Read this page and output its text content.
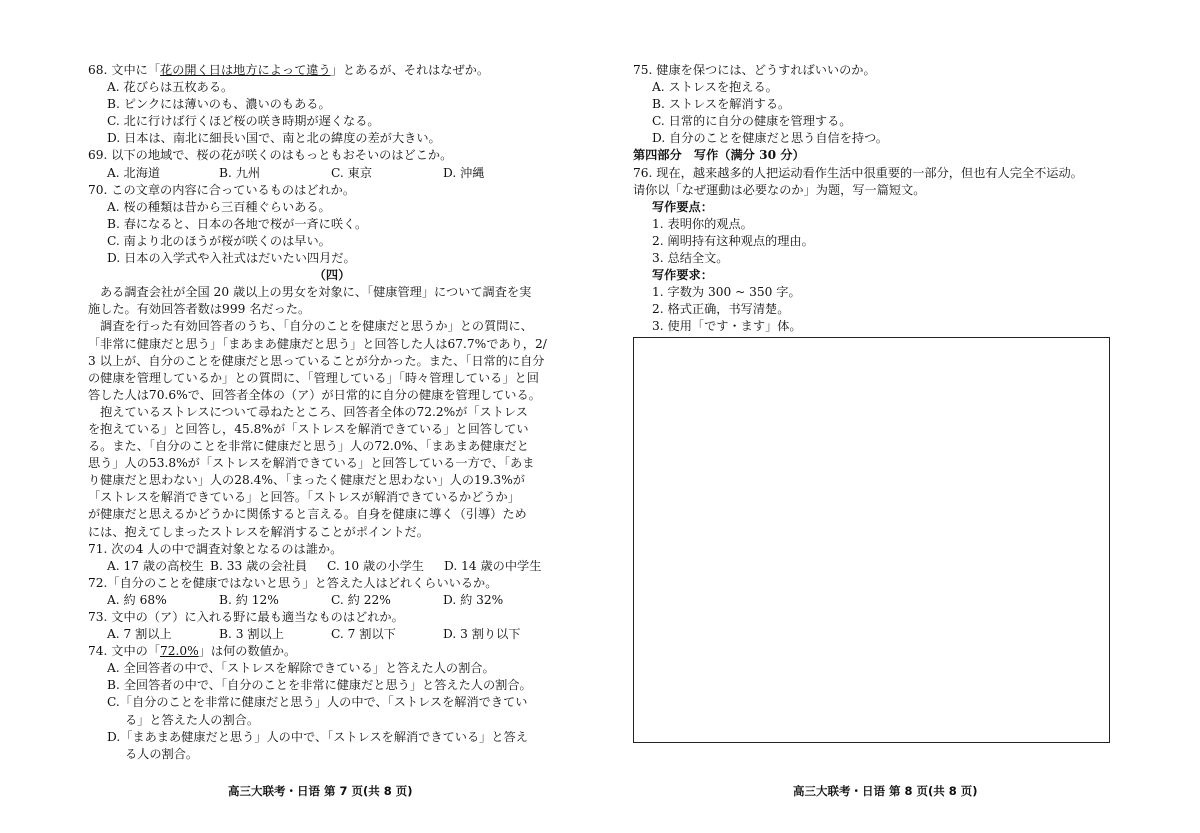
68. 文中に「花の開く日は地方によって違う」とあるが、それはなぜか。
A. 花びらは五枚ある。
B. ピンクには薄いのも、濃いのもある。
C. 北に行けば行くほど桜の咲き時期が遅くなる。
D. 日本は、南北に細長い国で、南と北の緯度の差が大きい。
69. 以下の地域で、桜の花が咲くのはもっともおそいのはどこか。
A. 北海道	B. 九州	C. 東京	D. 沖縄
70. この文章の内容に合っているものはどれか。
A. 桜の種類は昔から三百種ぐらいある。
B. 春になると、日本の各地で桜が一斉に咲く。
C. 南より北のほうが桜が咲くのは早い。
D. 日本の入学式や入社式はだいたい四月だ。
（四）
ある調査会社が全国 20 歳以上の男女を対象に、「健康管理」について調査を実
施した。有効回答者数は999 名だった。
　調査を行った有効回答者のうち、「自分のことを健康だと思うか」との質問に、
「非常に健康だと思う」「まあまあ健康だと思う」と回答した人は67.7%であり，2/
3 以上が、自分のことを健康だと思っていることが分かった。また、「日常的に自分
の健康を管理しているか」との質問に、「管理している」「時々管理している」と回
答した人は70.6%で、回答者全体の（ア）が日常的に自分の健康を管理している。
　抱えているストレスについて尋ねたところ、回答者全体の72.2%が「ストレス
を抱えている」と回答し，45.8%が「ストレスを解消できている」と回答してい
る。また、「自分のことを非常に健康だと思う」人の72.0%、「まあまあ健康だと
思う」人の53.8%が「ストレスを解消できている」と回答している一方で、「あま
り健康だと思わない」人の28.4%、「まったく健康だと思わない」人の19.3%が
「ストレスを解消できている」と回答。「ストレスが解消できているかどうか」
が健康だと思えるかどうかに関係すると言える。自身を健康に導く（引導）ため
には、抱えてしまったストレスを解消することがポイントだ。
71. 次の4 人の中で調査対象となるのは誰か。
A. 17 歳の高校生 B. 33 歳の会社員	C. 10 歳の小学生	D. 14 歳の中学生
72.「自分のことを健康ではないと思う」と答えた人はどれくらいいるか。
A. 約 68%	B. 約 12%	C. 約 22%	D. 約 32%
73. 文中の（ア）に入れる野に最も適当なものはどれか。
A. 7 割以上	B. 3 割以上	C. 7 割以下	D. 3 割り以下
74. 文中の「72.0%」は何の数値か。
A. 全回答者の中で、「ストレスを解除できている」と答えた人の割合。
B. 全回答者の中で、「自分のことを非常に健康だと思う」と答えた人の割合。
C.「自分のことを非常に健康だと思う」人の中で、「ストレスを解消できてい
る」と答えた人の割合。
D.「まあまあ健康だと思う」人の中で、「ストレスを解消できている」と答え
る人の割合。
75. 健康を保つには、どうすればいいのか。
A. ストレスを抱える。
B. ストレスを解消する。
C. 日常的に自分の健康を管理する。
D. 自分のことを健康だと思う自信を持つ。
第四部分　写作（满分 30 分）
76. 现在，越来越多的人把运动看作生活中很重要的一部分，但也有人完全不运动。
请你以「なぜ運動は必要なのか」为题，写一篇短文。
写作要点：
1. 表明你的观点。
2. 阐明持有这种观点的理由。
3. 总结全文。
写作要求：
1. 字数为 300 ~ 350 字。
2. 格式正确，书写清楚。
3. 使用「です・ます」体。
高三大联考・日语 第 7 页(共 8 页)	高三大联考・日语 第 8 页(共 8 页)
